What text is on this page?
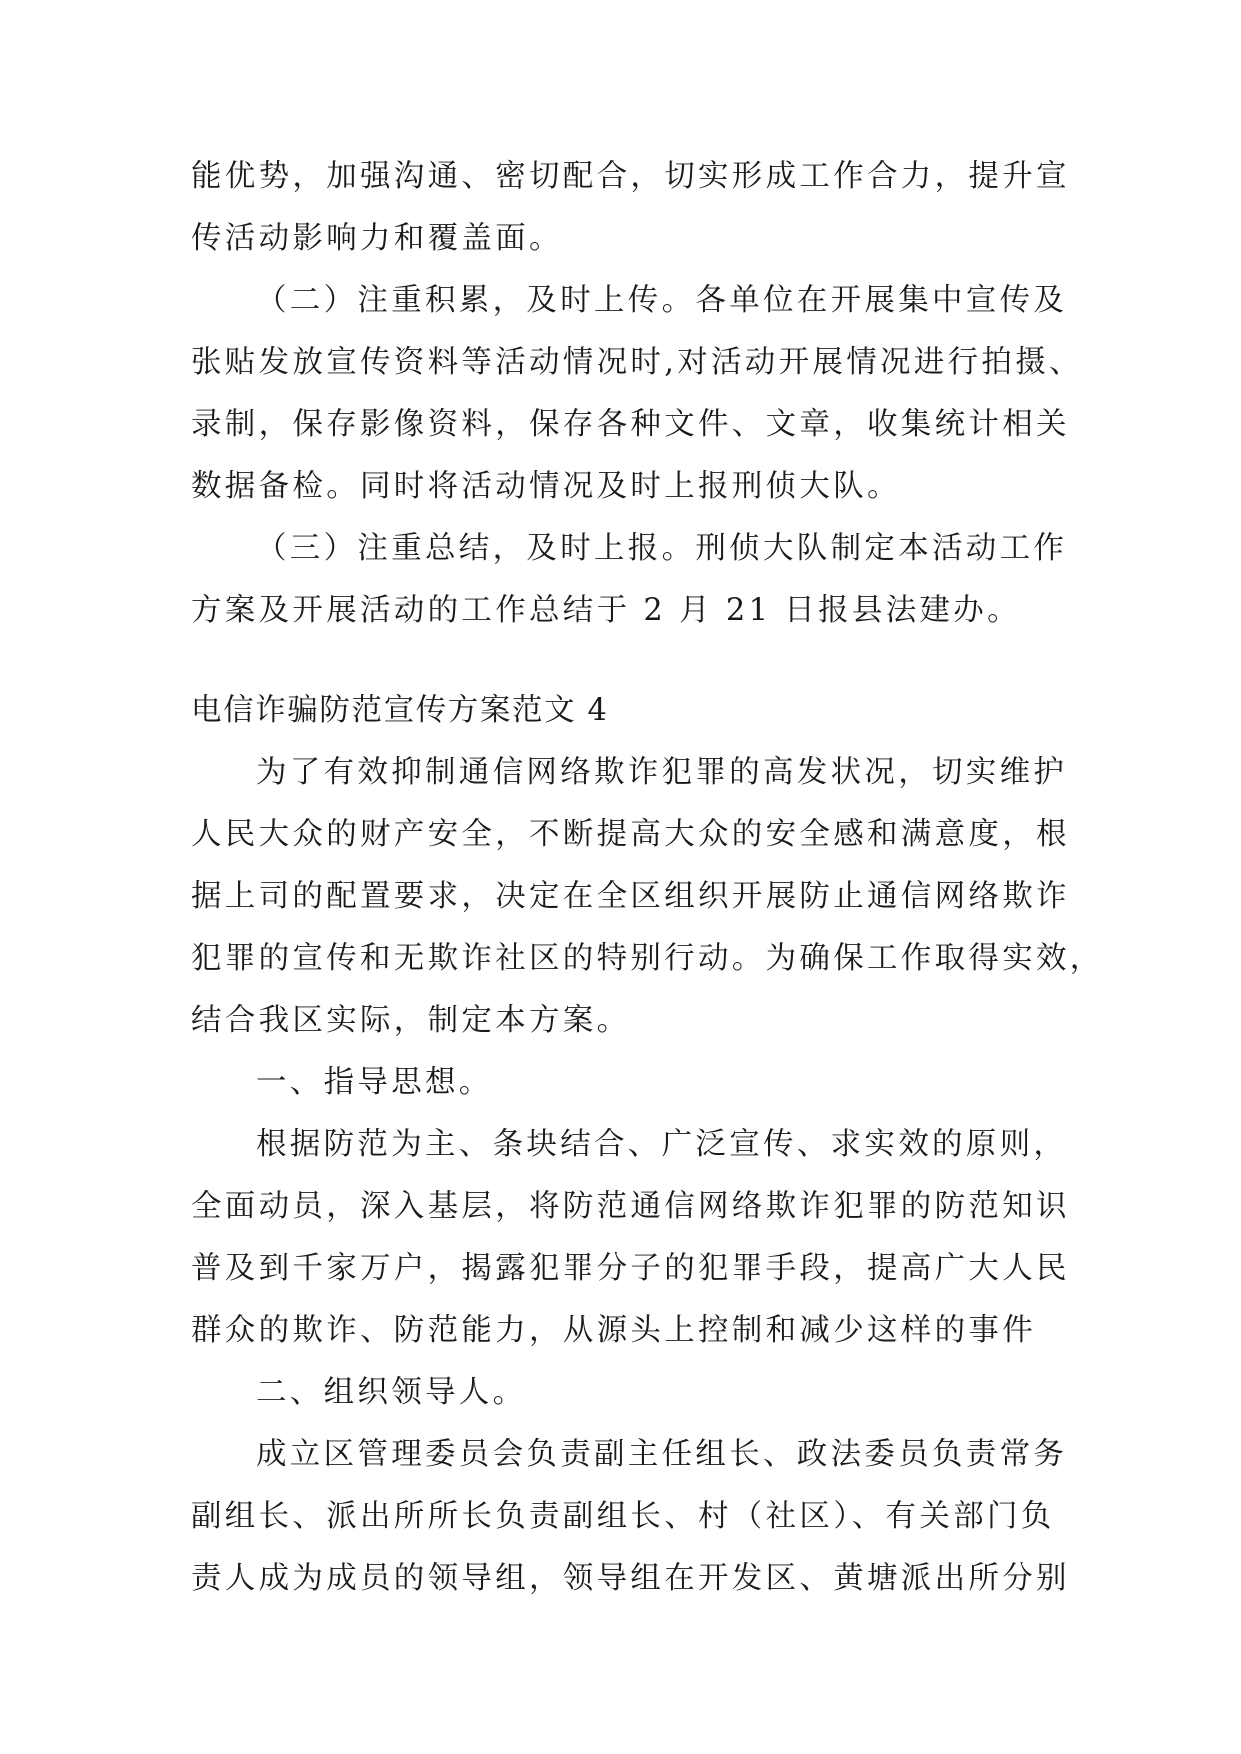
能优势，加强沟通、密切配合，切实形成工作合力，提升宣
传活动影响力和覆盖面。
（二）注重积累，及时上传。各单位在开展集中宣传及
张贴发放宣传资料等活动情况时,对活动开展情况进行拍摄、
录制，保存影像资料，保存各种文件、文章，收集统计相关
数据备检。同时将活动情况及时上报刑侦大队。
（三）注重总结，及时上报。刑侦大队制定本活动工作
方案及开展活动的工作总结于 2 月 21 日报县法建办。
电信诈骗防范宣传方案范文 4
为了有效抑制通信网络欺诈犯罪的高发状况，切实维护
人民大众的财产安全，不断提高大众的安全感和满意度，根
据上司的配置要求，决定在全区组织开展防止通信网络欺诈
犯罪的宣传和无欺诈社区的特别行动。为确保工作取得实效，
结合我区实际，制定本方案。
一、指导思想。
根据防范为主、条块结合、广泛宣传、求实效的原则，
全面动员，深入基层，将防范通信网络欺诈犯罪的防范知识
普及到千家万户，揭露犯罪分子的犯罪手段，提高广大人民
群众的欺诈、防范能力，从源头上控制和减少这样的事件
二、组织领导人。
成立区管理委员会负责副主任组长、政法委员负责常务
副组长、派出所所长负责副组长、村（社区）、有关部门负
责人成为成员的领导组，领导组在开发区、黄塘派出所分别
